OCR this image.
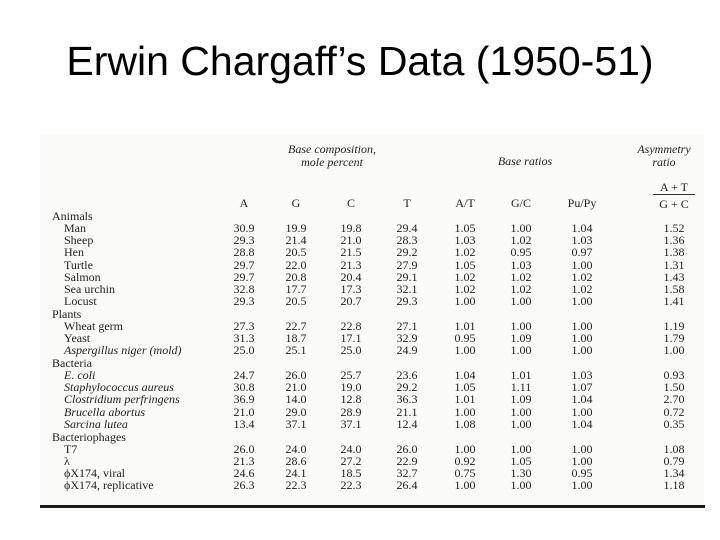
Erwin Chargaff’s Data (1950-51)
Base composition,
mole percent	Base ratios
Asymmetry
ratio
A	G	C	T	A/T	G/C	Pu/Py
A + T
G + C
Animals
Man	30.9	19.9	19.8	29.4	1.05	1.00	1.04	1.52
Sheep	29.3	21.4	21.0	28.3	1.03	1.02	1.03	1.36
Hen	28.8	20.5	21.5	29.2	1.02	0.95	0.97	1.38
Turtle	29.7	22.0	21.3	27.9	1.05	1.03	1.00	1.31
Salmon	29.7	20.8	20.4	29.1	1.02	1.02	1.02	1.43
Sea urchin	32.8	17.7	17.3	32.1	1.02	1.02	1.02	1.58
Locust	29.3	20.5	20.7	29.3	1.00	1.00	1.00	1.41
Plants
Wheat germ	27.3	22.7	22.8	27.1	1.01	1.00	1.00	1.19
Yeast	31.3	18.7	17.1	32.9	0.95	1.09	1.00	1.79
Aspergillus niger (mold)	25.0	25.1	25.0	24.9	1.00	1.00	1.00	1.00
Bacteria
E. coli	24.7	26.0	25.7	23.6	1.04	1.01	1.03	0.93
Staphylococcus aureus	30.8	21.0	19.0	29.2	1.05	1.11	1.07	1.50
Clostridium perfringens	36.9	14.0	12.8	36.3	1.01	1.09	1.04	2.70
Brucella abortus	21.0	29.0	28.9	21.1	1.00	1.00	1.00	0.72
Sarcina lutea	13.4	37.1	37.1	12.4	1.08	1.00	1.04	0.35
Bacteriophages
T7	26.0	24.0	24.0	26.0	1.00	1.00	1.00	1.08
λ	21.3	28.6	27.2	22.9	0.92	1.05	1.00	0.79
ϕX174, viral	24.6	24.1	18.5	32.7	0.75	1.30	0.95	1.34
ϕX174, replicative	26.3	22.3	22.3	26.4	1.00	1.00	1.00	1.18
